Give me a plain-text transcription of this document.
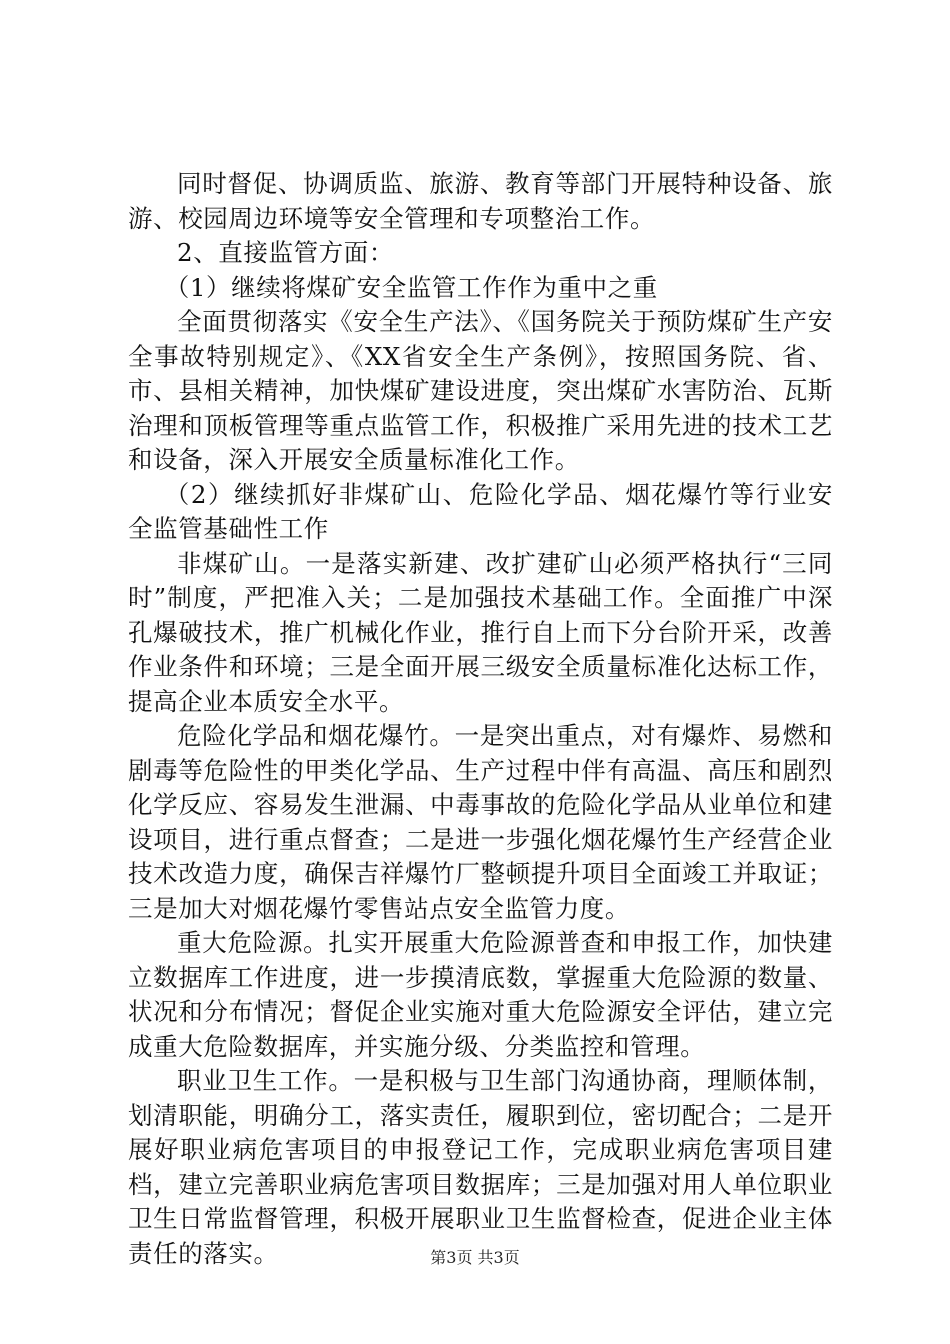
同时督促、协调质监、旅游、教育等部门开展特种设备、旅游、校园周边环境等安全管理和专项整治工作。

2、直接监管方面：

（1）继续将煤矿安全监管工作作为重中之重

全面贯彻落实《安全生产法》、《国务院关于预防煤矿生产安全事故特别规定》、《XX省安全生产条例》，按照国务院、省、市、县相关精神，加快煤矿建设进度，突出煤矿水害防治、瓦斯治理和顶板管理等重点监管工作，积极推广采用先进的技术工艺和设备，深入开展安全质量标准化工作。

（2）继续抓好非煤矿山、危险化学品、烟花爆竹等行业安全监管基础性工作

非煤矿山。一是落实新建、改扩建矿山必须严格执行“三同时”制度，严把准入关；二是加强技术基础工作。全面推广中深孔爆破技术，推广机械化作业，推行自上而下分台阶开采，改善作业条件和环境；三是全面开展三级安全质量标准化达标工作，提高企业本质安全水平。

危险化学品和烟花爆竹。一是突出重点，对有爆炸、易燃和剧毒等危险性的甲类化学品、生产过程中伴有高温、高压和剧烈化学反应、容易发生泄漏、中毒事故的危险化学品从业单位和建设项目，进行重点督查；二是进一步强化烟花爆竹生产经营企业技术改造力度，确保吉祥爆竹厂整顿提升项目全面竣工并取证；三是加大对烟花爆竹零售站点安全监管力度。

重大危险源。扎实开展重大危险源普查和申报工作，加快建立数据库工作进度，进一步摸清底数，掌握重大危险源的数量、状况和分布情况；督促企业实施对重大危险源安全评估，建立完成重大危险数据库，并实施分级、分类监控和管理。

职业卫生工作。一是积极与卫生部门沟通协商，理顺体制，划清职能，明确分工，落实责任，履职到位，密切配合；二是开展好职业病危害项目的申报登记工作，完成职业病危害项目建档，建立完善职业病危害项目数据库；三是加强对用人单位职业卫生日常监督管理，积极开展职业卫生监督检查，促进企业主体责任的落实。	第3页 共3页
